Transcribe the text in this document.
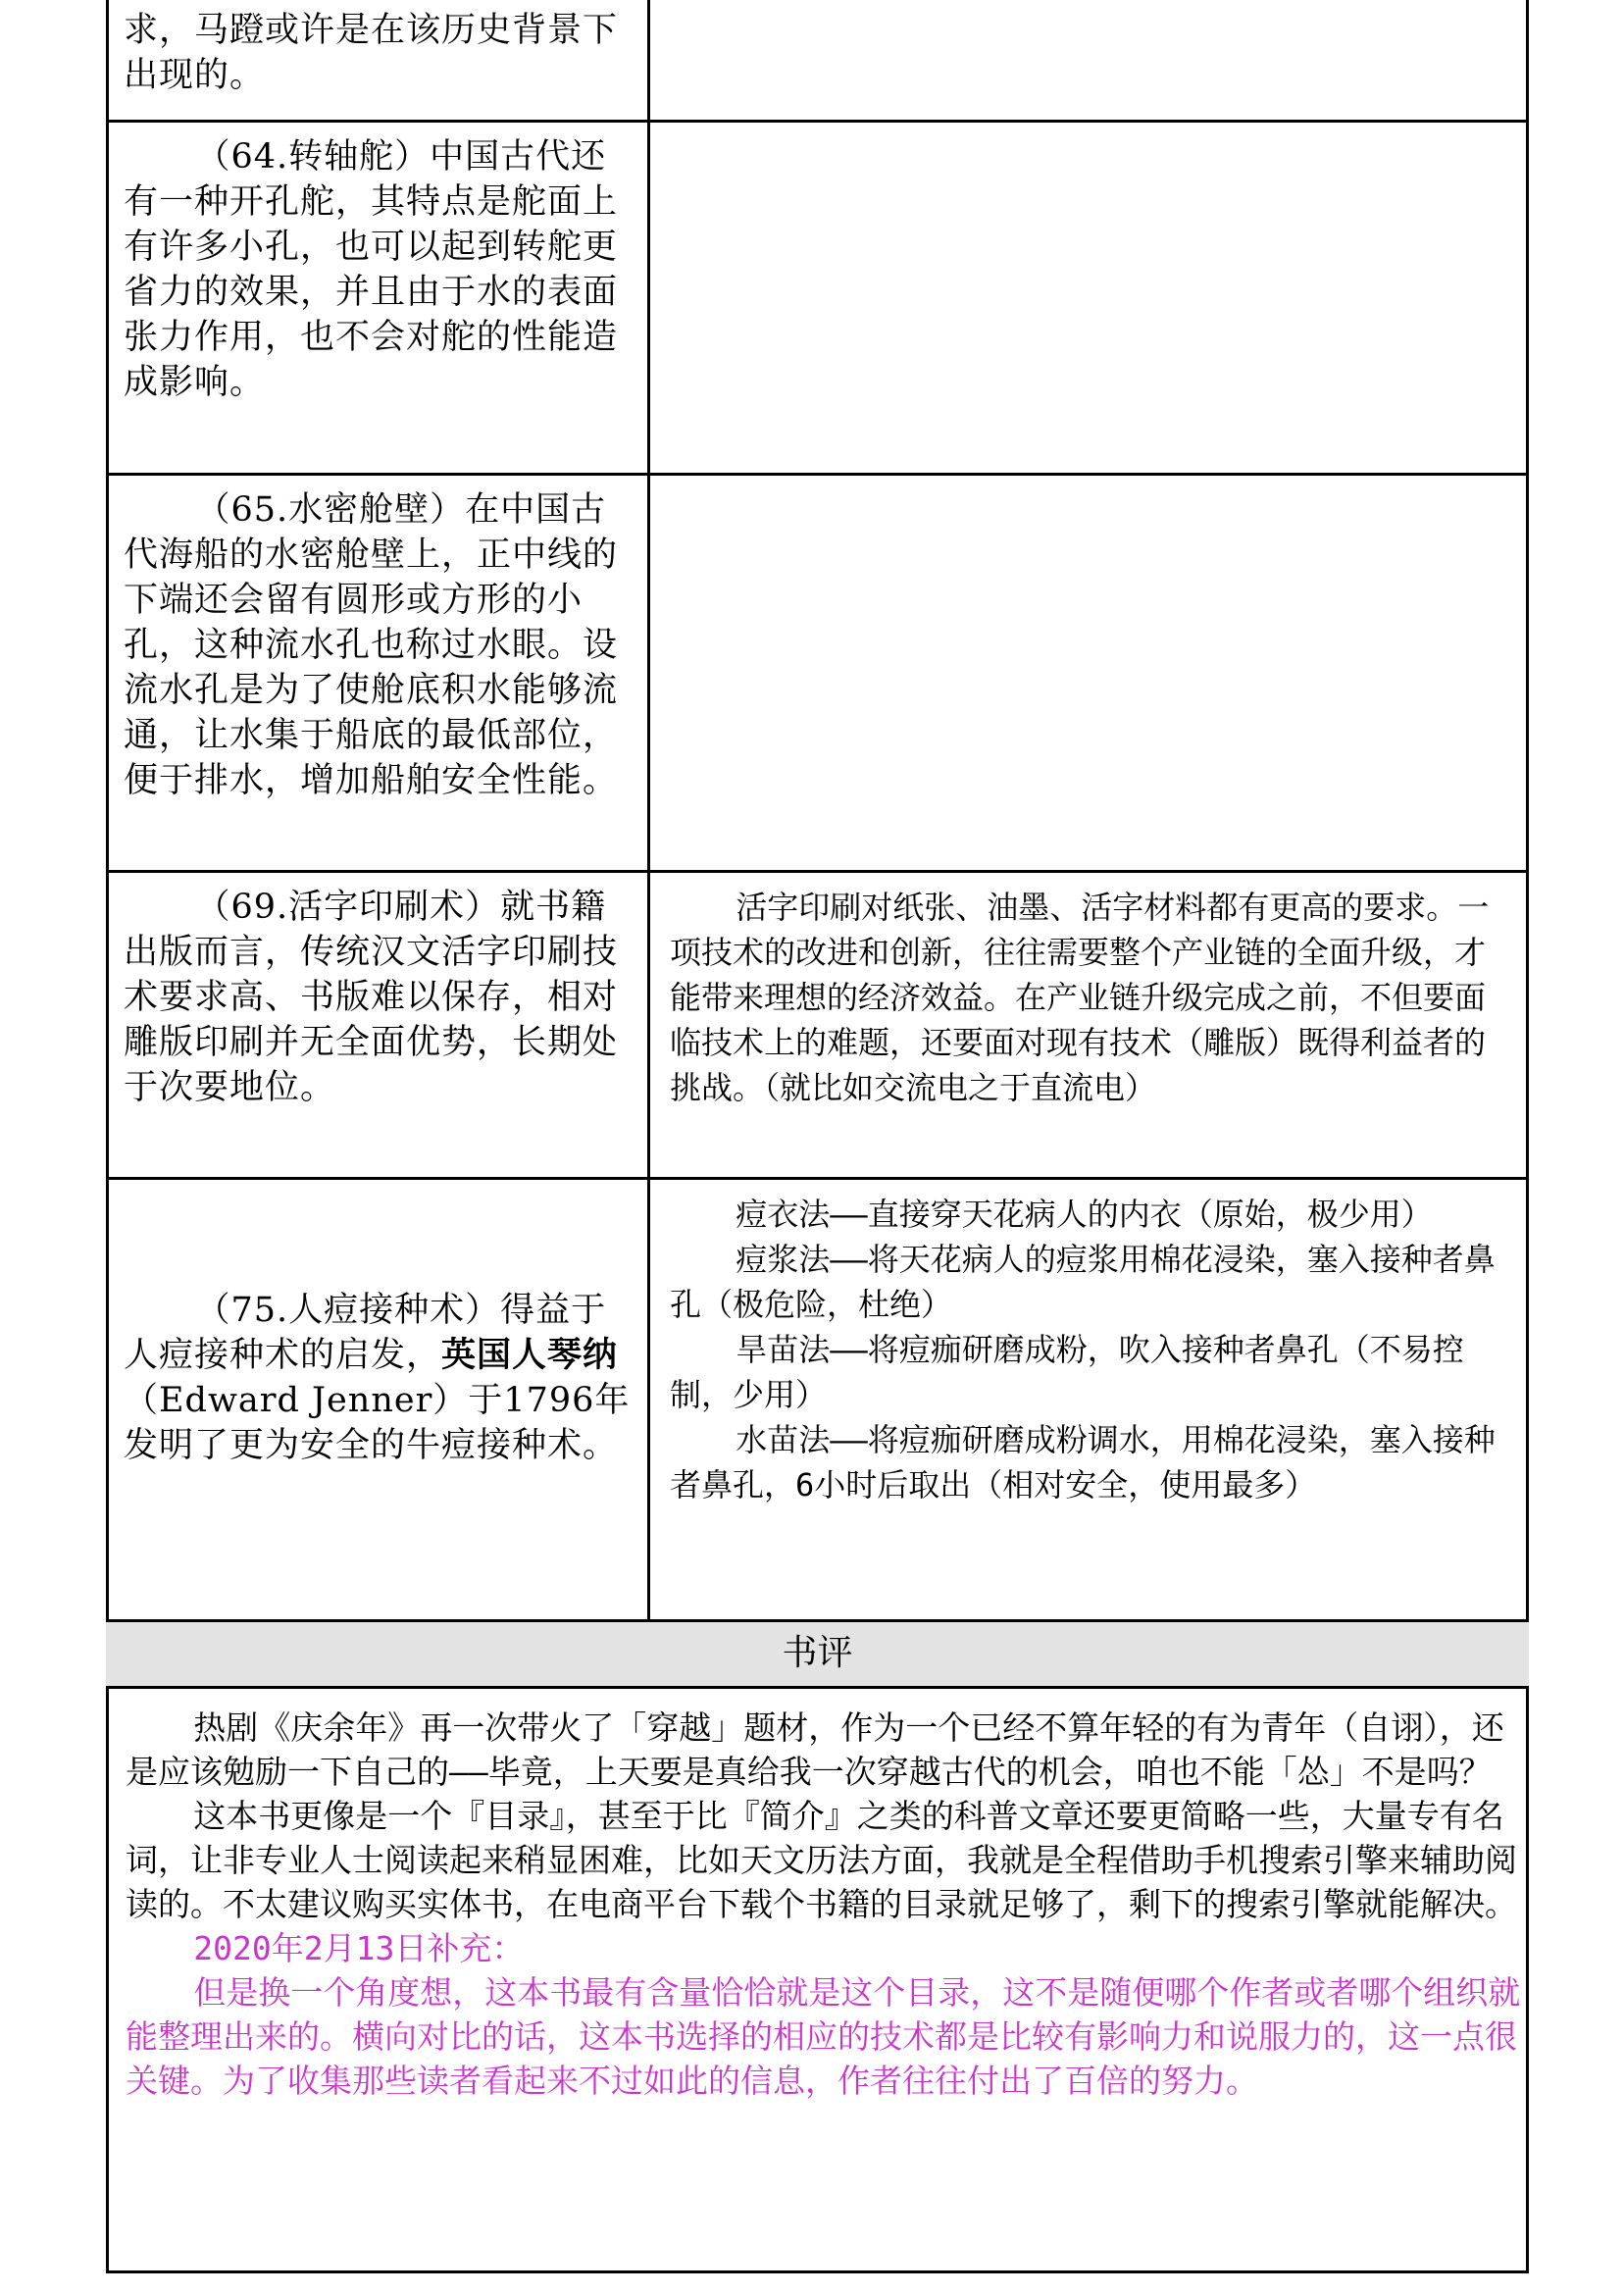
求，马蹬或许是在该历史背景下出现的。

（64.转轴舵）中国古代还有一种开孔舵，其特点是舵面上有许多小孔，也可以起到转舵更省力的效果，并且由于水的表面张力作用，也不会对舵的性能造成影响。

（65.水密舱壁）在中国古代海船的水密舱壁上，正中线的下端还会留有圆形或方形的小孔，这种流水孔也称过水眼。设流水孔是为了使舱底积水能够流通，让水集于船底的最低部位，便于排水，增加船舶安全性能。

（69.活字印刷术）就书籍出版而言，传统汉文活字印刷技术要求高、书版难以保存，相对雕版印刷并无全面优势，长期处于次要地位。

活字印刷对纸张、油墨、活字材料都有更高的要求。一项技术的改进和创新，往往需要整个产业链的全面升级，才能带来理想的经济效益。在产业链升级完成之前，不但要面临技术上的难题，还要面对现有技术（雕版）既得利益者的挑战。（就比如交流电之于直流电）

（75.人痘接种术）得益于人痘接种术的启发，英国人琴纳（Edward Jenner）于1796年发明了更为安全的牛痘接种术。

痘衣法——直接穿天花病人的内衣（原始，极少用）

痘浆法——将天花病人的痘浆用棉花浸染，塞入接种者鼻孔（极危险，杜绝）

旱苗法——将痘痂研磨成粉，吹入接种者鼻孔（不易控制，少用）

水苗法——将痘痂研磨成粉调水，用棉花浸染，塞入接种者鼻孔，6小时后取出（相对安全，使用最多）

书评

热剧《庆余年》再一次带火了「穿越」题材，作为一个已经不算年轻的有为青年（自诩），还是应该勉励一下自己的——毕竟，上天要是真给我一次穿越古代的机会，咱也不能「怂」不是吗？

这本书更像是一个『目录』，甚至于比『简介』之类的科普文章还要更简略一些，大量专有名词，让非专业人士阅读起来稍显困难，比如天文历法方面，我就是全程借助手机搜索引擎来辅助阅读的。不太建议购买实体书，在电商平台下载个书籍的目录就足够了，剩下的搜索引擎就能解决。

2020年2月13日补充：

但是换一个角度想，这本书最有含量恰恰就是这个目录，这不是随便哪个作者或者哪个组织就能整理出来的。横向对比的话，这本书选择的相应的技术都是比较有影响力和说服力的，这一点很关键。为了收集那些读者看起来不过如此的信息，作者往往付出了百倍的努力。
